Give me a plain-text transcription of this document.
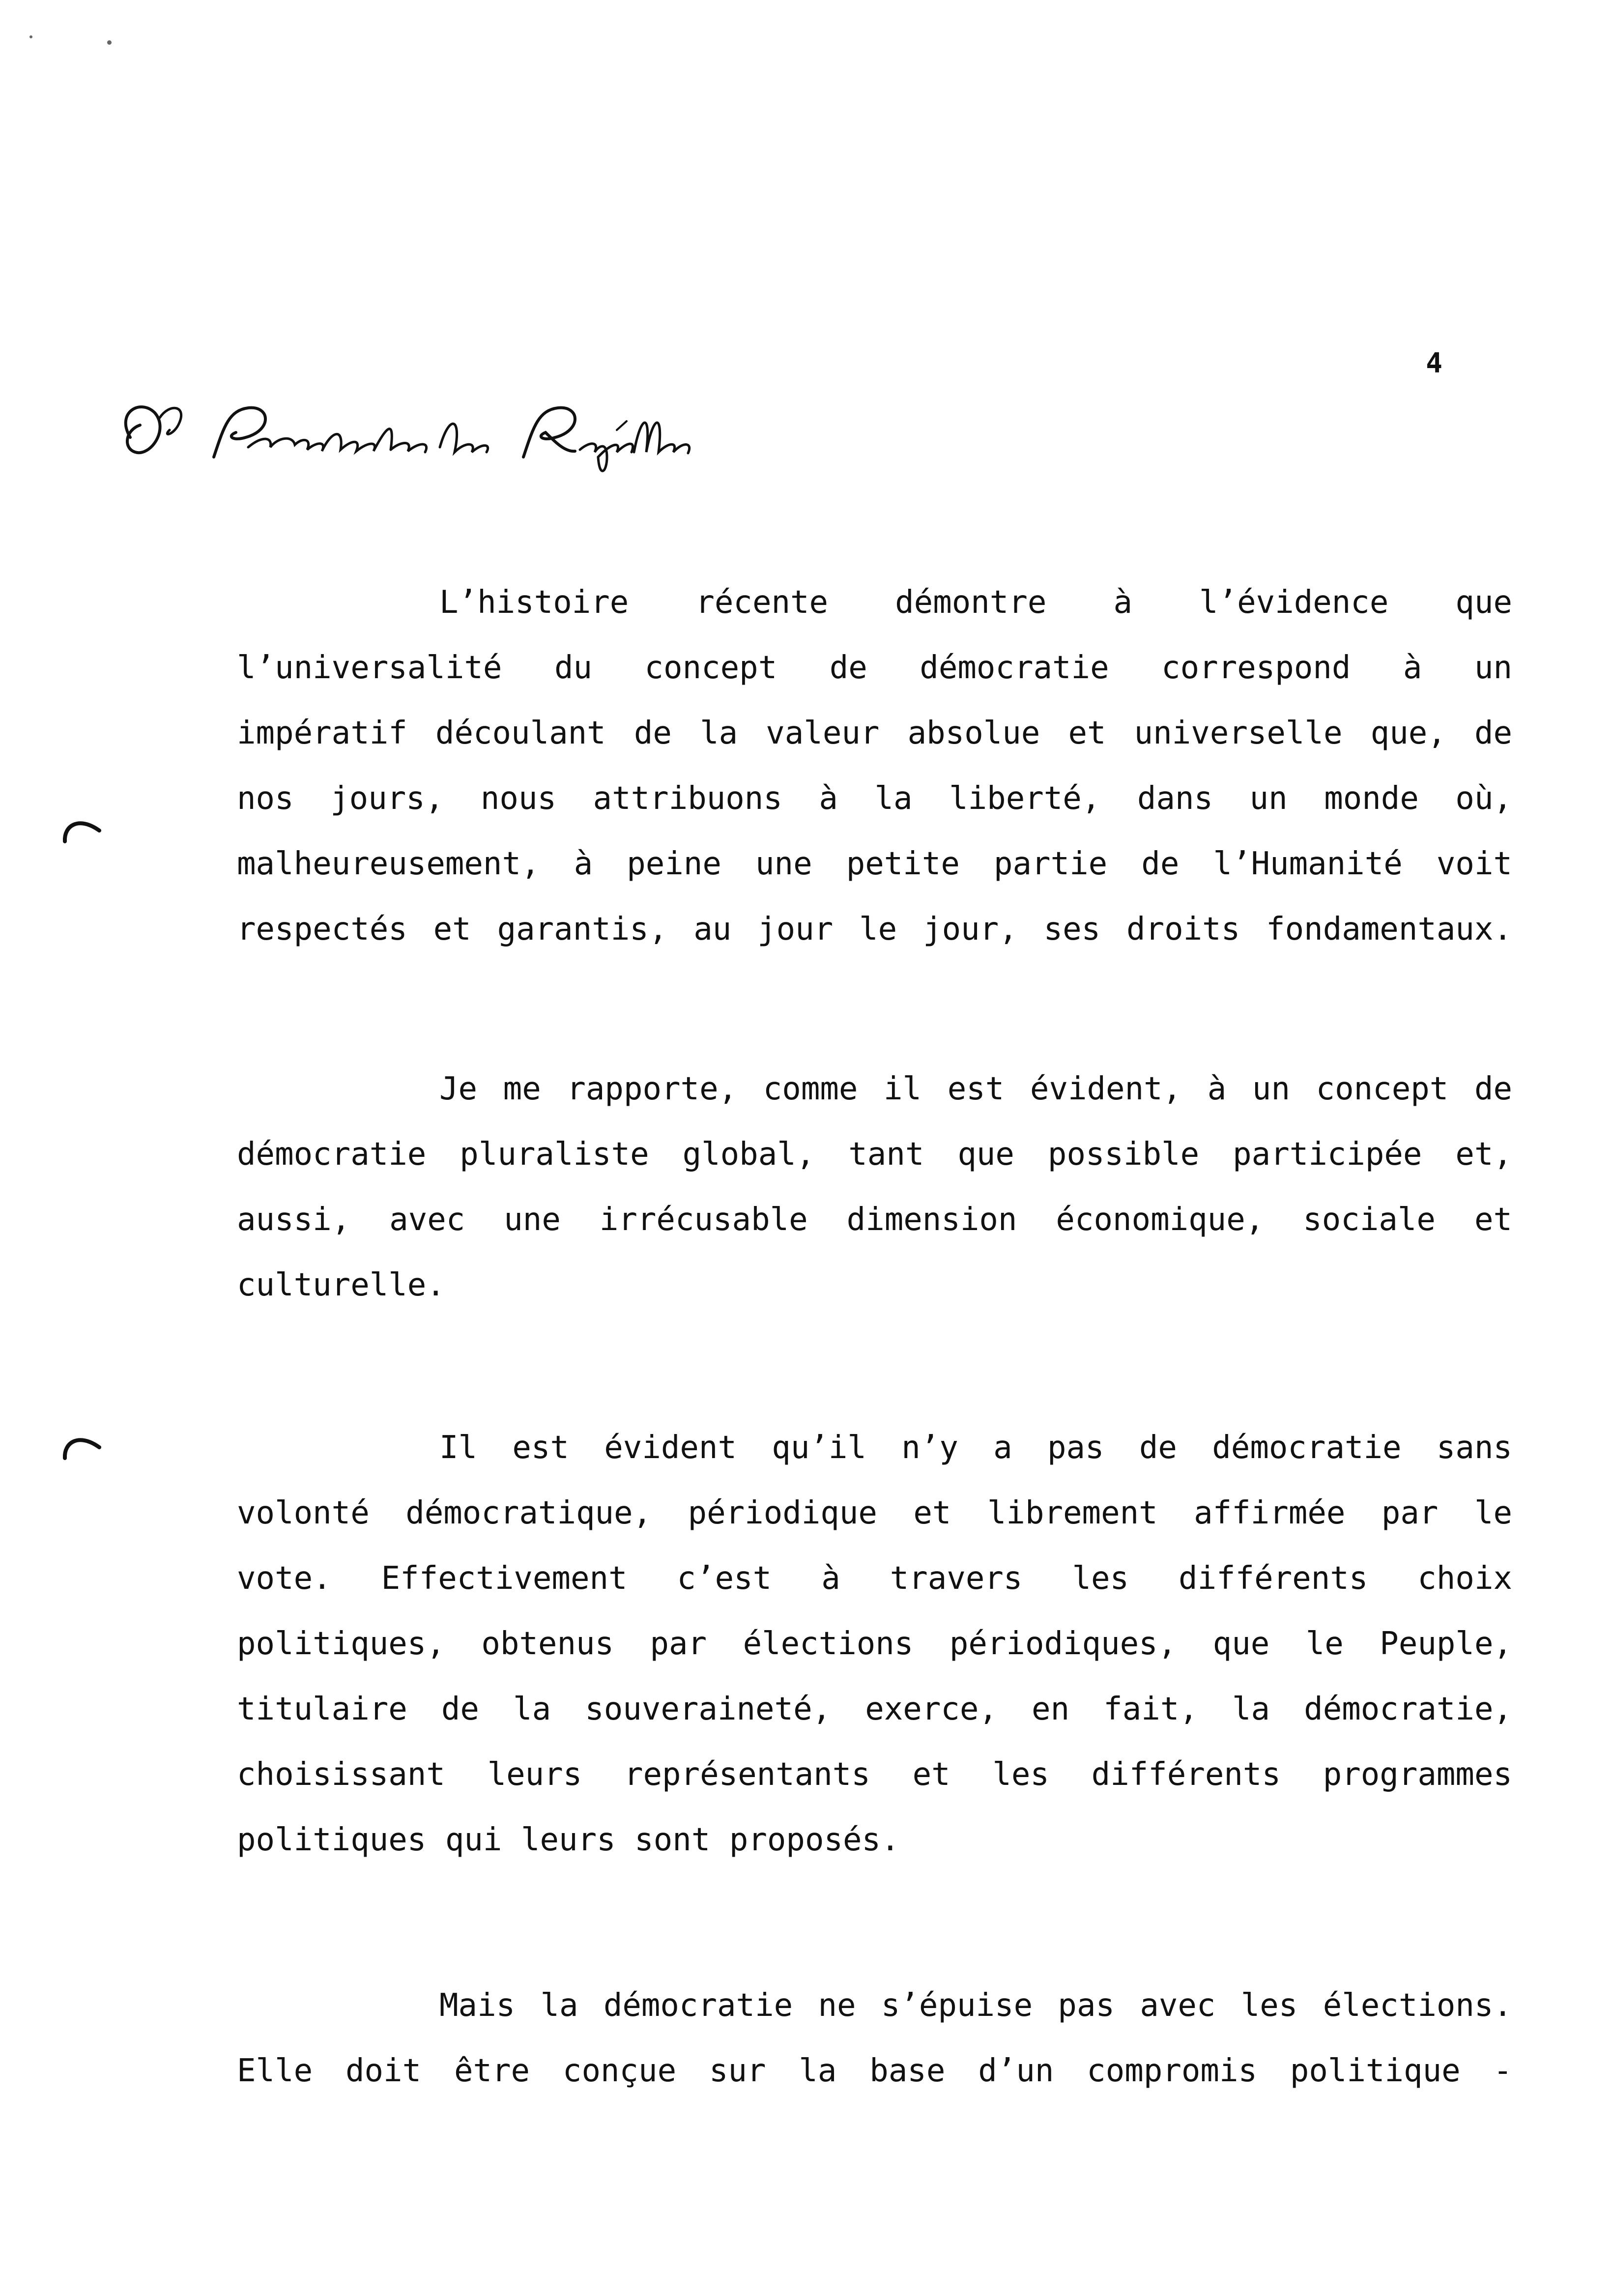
4
L’histoire récente démontre à l’évidence que
l’universalité du concept de démocratie correspond à un
impératif découlant de la valeur absolue et universelle que, de
nos jours, nous attribuons à la liberté, dans un monde où,
malheureusement, à peine une petite partie de l’Humanité voit
respectés et garantis, au jour le jour, ses droits fondamentaux.
Je me rapporte, comme il est évident, à un concept de
démocratie pluraliste global, tant que possible participée et,
aussi, avec une irrécusable dimension économique, sociale et
culturelle.
Il est évident qu’il n’y a pas de démocratie sans
volonté démocratique, périodique et librement affirmée par le
vote. Effectivement c’est à travers les différents choix
politiques, obtenus par élections périodiques, que le Peuple,
titulaire de la souveraineté, exerce, en fait, la démocratie,
choisissant leurs représentants et les différents programmes
politiques qui leurs sont proposés.
Mais la démocratie ne s’épuise pas avec les élections.
Elle doit être conçue sur la base d’un compromis politique -
